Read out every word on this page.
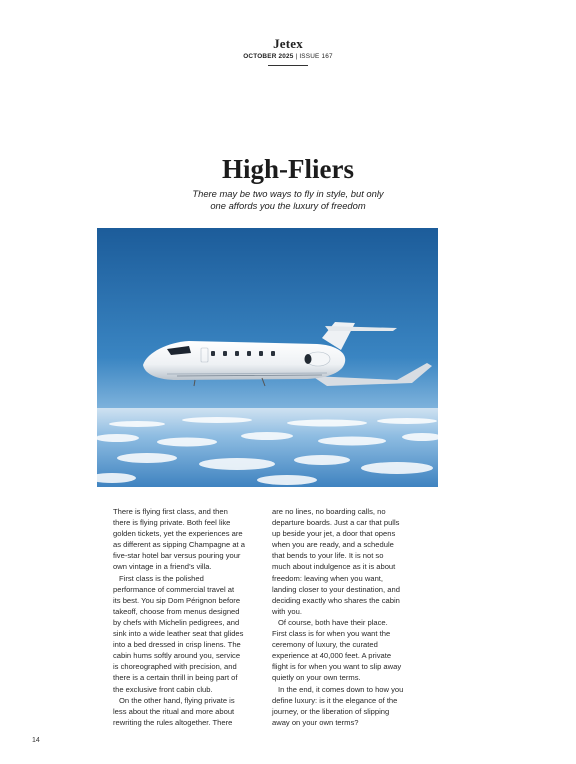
Jetex
OCTOBER 2025 | ISSUE 167
High-Fliers
There may be two ways to fly in style, but only
one affords you the luxury of freedom
There is flying first class, and then
there is flying private. Both feel like
golden tickets, yet the experiences are
as different as sipping Champagne at a
five-star hotel bar versus pouring your
own vintage in a friend’s villa.
First class is the polished
performance of commercial travel at
its best. You sip Dom Pérignon before
takeoff, choose from menus designed
by chefs with Michelin pedigrees, and
sink into a wide leather seat that glides
into a bed dressed in crisp linens. The
cabin hums softly around you, service
is choreographed with precision, and
there is a certain thrill in being part of
the exclusive front cabin club.
On the other hand, flying private is
less about the ritual and more about
rewriting the rules altogether. There
are no lines, no boarding calls, no
departure boards. Just a car that pulls
up beside your jet, a door that opens
when you are ready, and a schedule
that bends to your life. It is not so
much about indulgence as it is about
freedom: leaving when you want,
landing closer to your destination, and
deciding exactly who shares the cabin
with you.
Of course, both have their place.
First class is for when you want the
ceremony of luxury, the curated
experience at 40,000 feet. A private
flight is for when you want to slip away
quietly on your own terms.
In the end, it comes down to how you
define luxury: is it the elegance of the
journey, or the liberation of slipping
away on your own terms?
14
